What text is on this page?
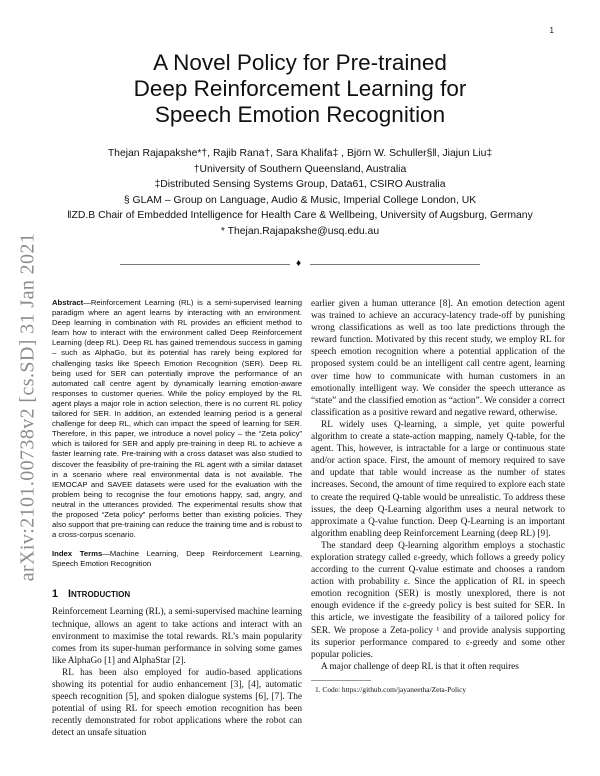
1
arXiv:2101.00738v2 [cs.SD] 31 Jan 2021
A Novel Policy for Pre-trained
Deep Reinforcement Learning for
Speech Emotion Recognition
Thejan Rajapakshe*†, Rajib Rana†, Sara Khalifa‡ , Björn W. Schuller§‖, Jiajun Liu‡
†University of Southern Queensland, Australia
‡Distributed Sensing Systems Group, Data61, CSIRO Australia
§ GLAM – Group on Language, Audio & Music, Imperial College London, UK
‖ZD.B Chair of Embedded Intelligence for Health Care & Wellbeing, University of Augsburg, Germany
* Thejan.Rajapakshe@usq.edu.au
♦

Abstract—Reinforcement Learning (RL) is a semi-supervised learning paradigm where an agent learns by interacting with an environment. Deep learning in combination with RL provides an efficient method to learn how to interact with the environment called Deep Reinforcement Learning (deep RL). Deep RL has gained tremendous success in gaming – such as AlphaGo, but its potential has rarely being explored for challenging tasks like Speech Emotion Recognition (SER). Deep RL being used for SER can potentially improve the performance of an automated call centre agent by dynamically learning emotion-aware responses to customer queries. While the policy employed by the RL agent plays a major role in action selection, there is no current RL policy tailored for SER. In addition, an extended learning period is a general challenge for deep RL, which can impact the speed of learning for SER. Therefore, in this paper, we introduce a novel policy – the “Zeta policy” which is tailored for SER and apply pre-training in deep RL to achieve a faster learning rate. Pre-training with a cross dataset was also studied to discover the feasibility of pre-training the RL agent with a similar dataset in a scenario where real environmental data is not available. The IEMOCAP and SAVEE datasets were used for the evaluation with the problem being to recognise the four emotions happy, sad, angry, and neutral in the utterances provided. The experimental results show that the proposed “Zeta policy” performs better than existing policies. They also support that pre-training can reduce the training time and is robust to a cross-corpus scenario.

Index Terms—Machine Learning, Deep Reinforcement Learning, Speech Emotion Recognition

1 Introduction

Reinforcement Learning (RL), a semi-supervised machine learning technique, allows an agent to take actions and interact with an environment to maximise the total rewards. RL’s main popularity comes from its super-human performance in solving some games like AlphaGo [1] and AlphaStar [2].

RL has been also employed for audio-based applications showing its potential for audio enhancement [3], [4], automatic speech recognition [5], and spoken dialogue systems [6], [7]. The potential of using RL for speech emotion recognition has been recently demonstrated for robot applications where the robot can detect an unsafe situation

earlier given a human utterance [8]. An emotion detection agent was trained to achieve an accuracy-latency trade-off by punishing wrong classifications as well as too late predictions through the reward function. Motivated by this recent study, we employ RL for speech emotion recognition where a potential application of the proposed system could be an intelligent call centre agent, learning over time how to communicate with human customers in an emotionally intelligent way. We consider the speech utterance as “state” and the classified emotion as “action”. We consider a correct classification as a positive reward and negative reward, otherwise.

RL widely uses Q-learning, a simple, yet quite powerful algorithm to create a state-action mapping, namely Q-table, for the agent. This, however, is intractable for a large or continuous state and/or action space. First, the amount of memory required to save and update that table would increase as the number of states increases. Second, the amount of time required to explore each state to create the required Q-table would be unrealistic. To address these issues, the deep Q-Learning algorithm uses a neural network to approximate a Q-value function. Deep Q-Learning is an important algorithm enabling deep Reinforcement Learning (deep RL) [9].

The standard deep Q-learning algorithm employs a stochastic exploration strategy called ε-greedy, which follows a greedy policy according to the current Q-value estimate and chooses a random action with probability ε. Since the application of RL in speech emotion recognition (SER) is mostly unexplored, there is not enough evidence if the ε-greedy policy is best suited for SER. In this article, we investigate the feasibility of a tailored policy for SER. We propose a Zeta-policy ¹ and provide analysis supporting its superior performance compared to ε-greedy and some other popular policies.

A major challenge of deep RL is that it often requires

1. Code: https://github.com/jayaneetha/Zeta-Policy
